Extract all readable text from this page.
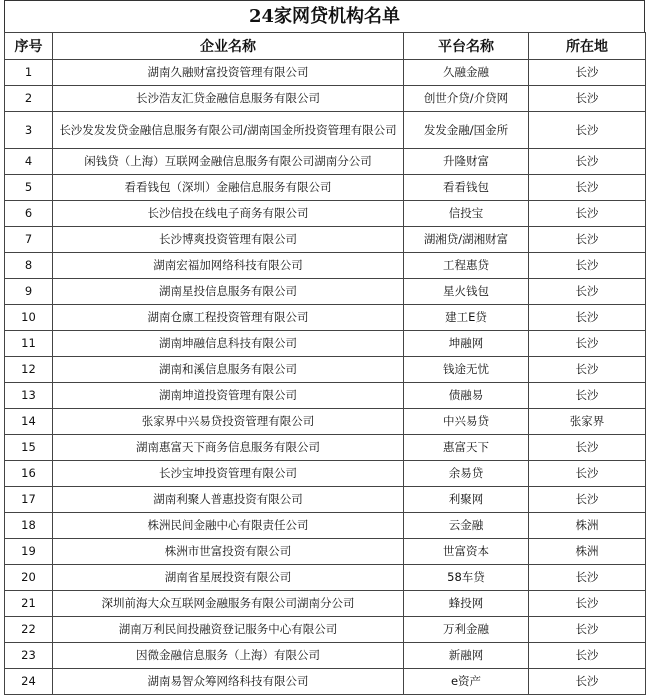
24家网贷机构名单
序号	企业名称	平台名称	所在地
1	湖南久融财富投资管理有限公司	久融金融	长沙
2	长沙浩友汇贷金融信息服务有限公司	创世介贷/介贷网	长沙
3	长沙发发发贷金融信息服务有限公司/湖南国金所投资管理有限公司	发发金融/国金所	长沙
4	闲钱贷（上海）互联网金融信息服务有限公司湖南分公司	升隆财富	长沙
5	看看钱包（深圳）金融信息服务有限公司	看看钱包	长沙
6	长沙信投在线电子商务有限公司	信投宝	长沙
7	长沙博爽投资管理有限公司	湖湘贷/湖湘财富	长沙
8	湖南宏福加网络科技有限公司	工程惠贷	长沙
9	湖南星投信息服务有限公司	星火钱包	长沙
10	湖南仓廪工程投资管理有限公司	建工E贷	长沙
11	湖南坤融信息科技有限公司	坤融网	长沙
12	湖南和溪信息服务有限公司	钱途无忧	长沙
13	湖南坤道投资管理有限公司	债融易	长沙
14	张家界中兴易贷投资管理有限公司	中兴易贷	张家界
15	湖南惠富天下商务信息服务有限公司	惠富天下	长沙
16	长沙宝坤投资管理有限公司	余易贷	长沙
17	湖南利聚人普惠投资有限公司	利聚网	长沙
18	株洲民间金融中心有限责任公司	云金融	株洲
19	株洲市世富投资有限公司	世富资本	株洲
20	湖南省星展投资有限公司	58车贷	长沙
21	深圳前海大众互联网金融服务有限公司湖南分公司	蜂投网	长沙
22	湖南万利民间投融资登记服务中心有限公司	万利金融	长沙
23	因微金融信息服务（上海）有限公司	新融网	长沙
24	湖南易智众筹网络科技有限公司	e资产	长沙
